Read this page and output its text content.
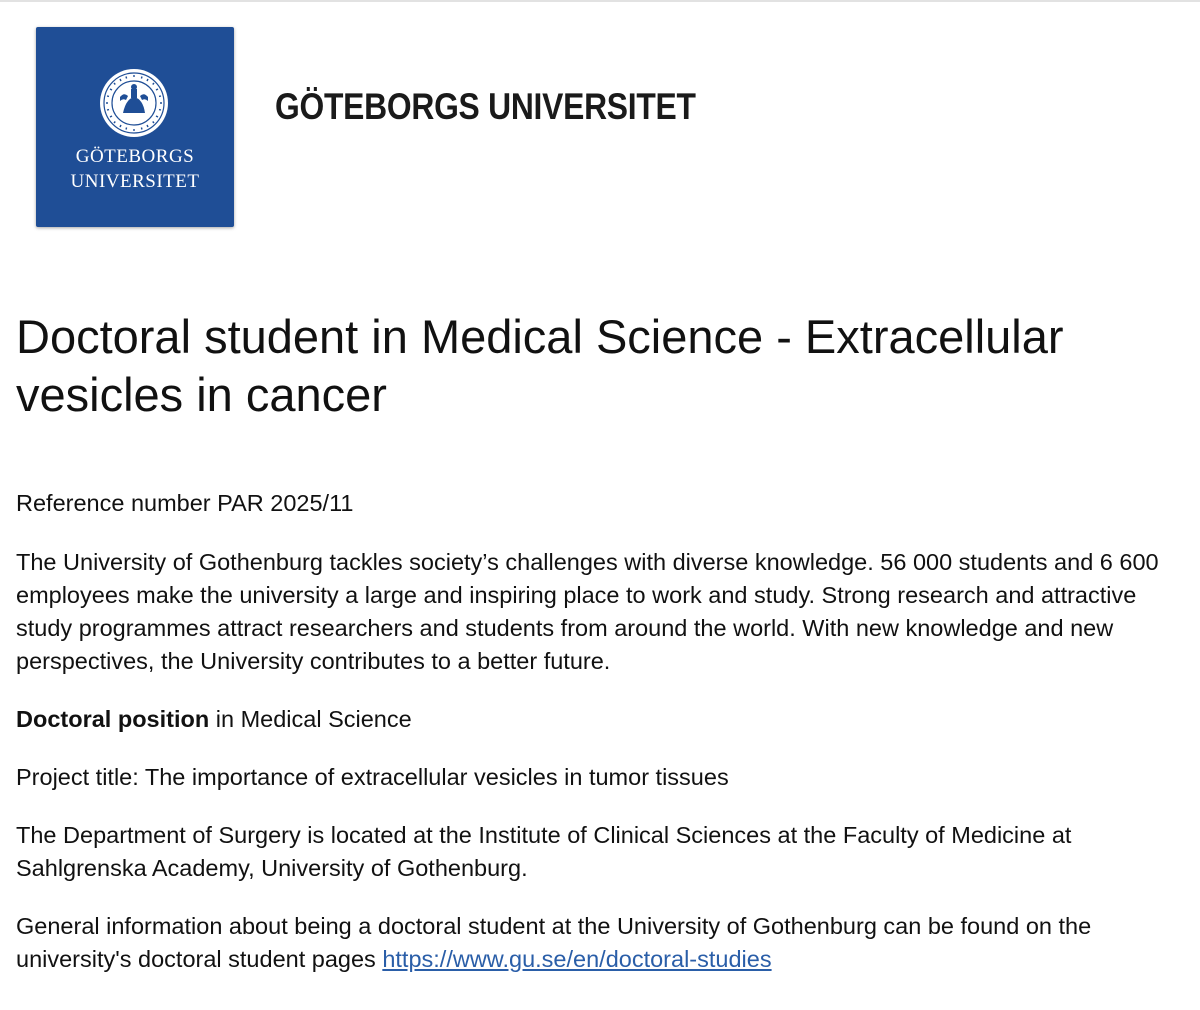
GÖTEBORGS
UNIVERSITET
GÖTEBORGS UNIVERSITET
Doctoral student in Medical Science - Extracellular vesicles in cancer

Reference number PAR 2025/11

The University of Gothenburg tackles society’s challenges with diverse knowledge. 56 000 students and 6 600 employees make the university a large and inspiring place to work and study. Strong research and attractive study programmes attract researchers and students from around the world. With new knowledge and new perspectives, the University contributes to a better future.

Doctoral position in Medical Science

Project title: The importance of extracellular vesicles in tumor tissues

The Department of Surgery is located at the Institute of Clinical Sciences at the Faculty of Medicine at Sahlgrenska Academy, University of Gothenburg.

General information about being a doctoral student at the University of Gothenburg can be found on the university's doctoral student pages https://www.gu.se/en/doctoral-studies
